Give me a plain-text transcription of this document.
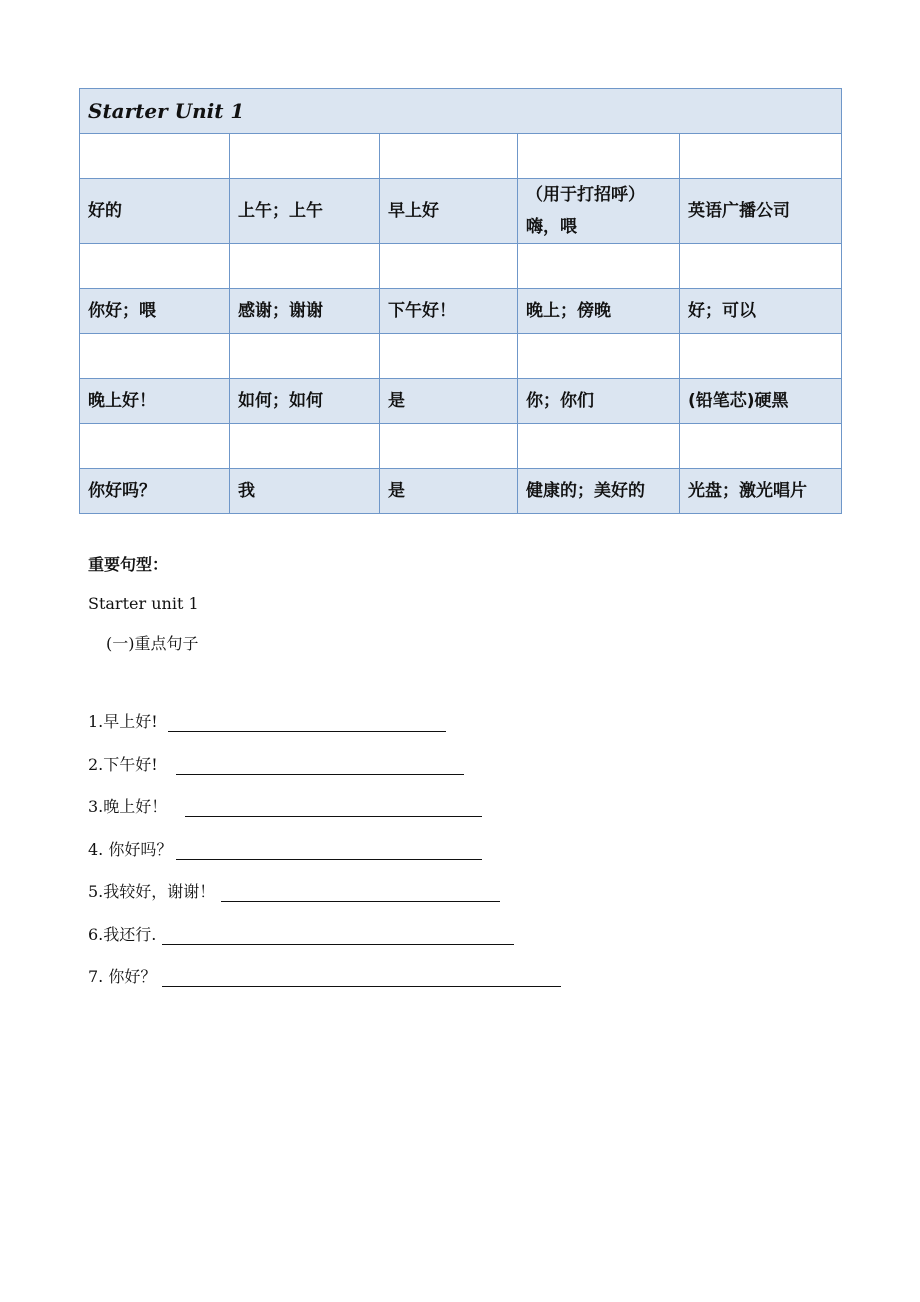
Starter Unit 1				

好的	上午；上午	早上好	（用于打招呼）嗨，喂	英语广播公司

你好；喂	感谢；谢谢	下午好！	晚上；傍晚	好；可以

晚上好！	如何；如何	是	你；你们	(铅笔芯)硬黑

你好吗？	我	是	健康的；美好的	光盘；激光唱片
重要句型：
Starter unit 1
(一)重点句子
1.早上好!
2.下午好!
3.晚上好！
4. 你好吗？
5.我较好，谢谢！
6.我还行.
7. 你好？
